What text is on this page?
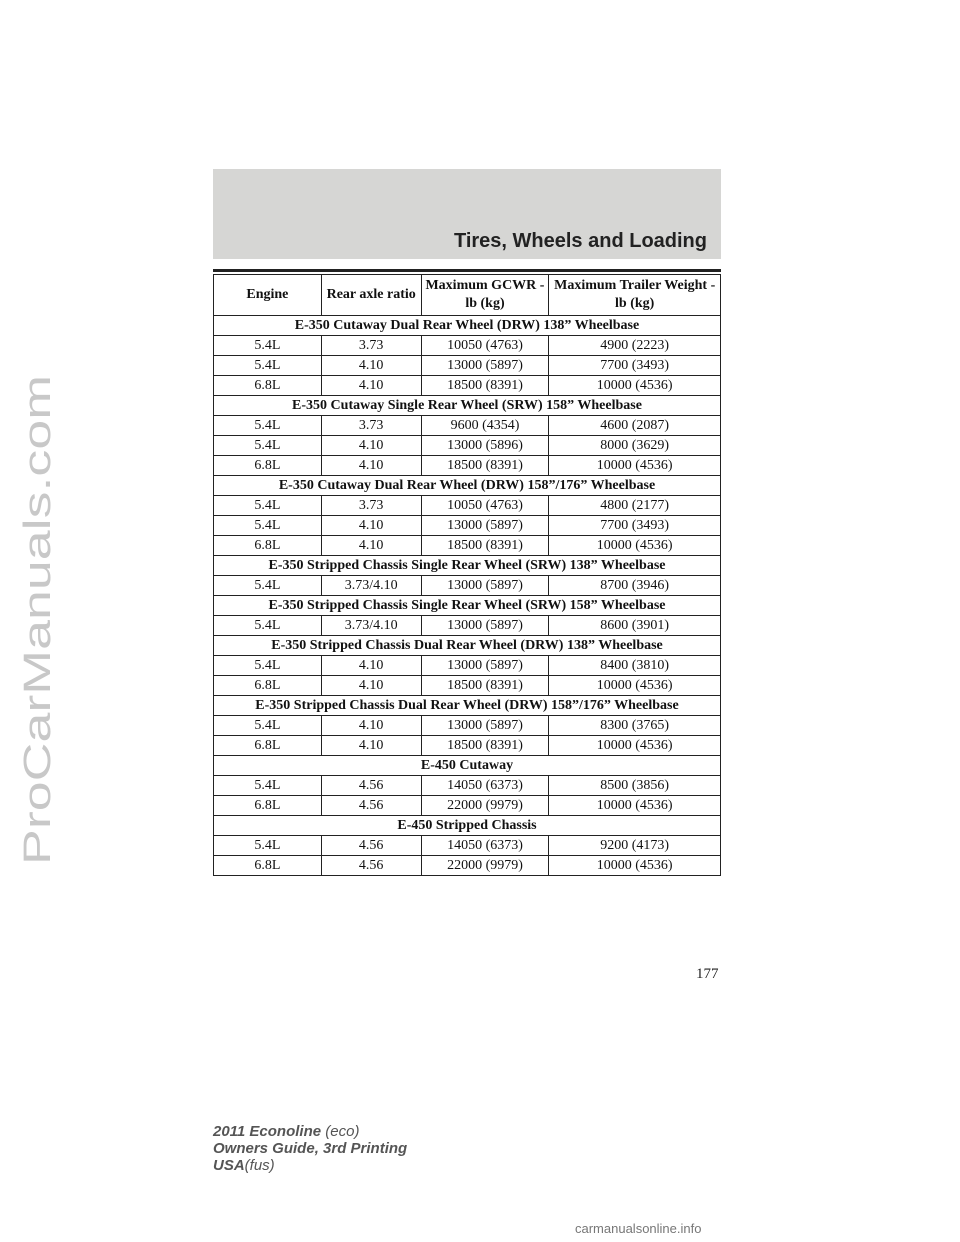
ProCarManuals.com
Tires, Wheels and Loading
Engine	Rear axle ratio	Maximum GCWR - lb (kg)	Maximum Trailer Weight - lb (kg)
E-350 Cutaway Dual Rear Wheel (DRW) 138” Wheelbase			
5.4L	3.73	10050 (4763)	4900 (2223)
5.4L	4.10	13000 (5897)	7700 (3493)
6.8L	4.10	18500 (8391)	10000 (4536)
E-350 Cutaway Single Rear Wheel (SRW) 158” Wheelbase			
5.4L	3.73	9600 (4354)	4600 (2087)
5.4L	4.10	13000 (5896)	8000 (3629)
6.8L	4.10	18500 (8391)	10000 (4536)
E-350 Cutaway Dual Rear Wheel (DRW) 158”/176” Wheelbase			
5.4L	3.73	10050 (4763)	4800 (2177)
5.4L	4.10	13000 (5897)	7700 (3493)
6.8L	4.10	18500 (8391)	10000 (4536)
E-350 Stripped Chassis Single Rear Wheel (SRW) 138” Wheelbase			
5.4L	3.73/4.10	13000 (5897)	8700 (3946)
E-350 Stripped Chassis Single Rear Wheel (SRW) 158” Wheelbase			
5.4L	3.73/4.10	13000 (5897)	8600 (3901)
E-350 Stripped Chassis Dual Rear Wheel (DRW) 138” Wheelbase			
5.4L	4.10	13000 (5897)	8400 (3810)
6.8L	4.10	18500 (8391)	10000 (4536)
E-350 Stripped Chassis Dual Rear Wheel (DRW) 158”/176” Wheelbase			
5.4L	4.10	13000 (5897)	8300 (3765)
6.8L	4.10	18500 (8391)	10000 (4536)
E-450 Cutaway			
5.4L	4.56	14050 (6373)	8500 (3856)
6.8L	4.56	22000 (9979)	10000 (4536)
E-450 Stripped Chassis			
5.4L	4.56	14050 (6373)	9200 (4173)
6.8L	4.56	22000 (9979)	10000 (4536)
177
2011 Econoline (eco)
Owners Guide, 3rd Printing
USA(fus)
carmanualsonline.info
